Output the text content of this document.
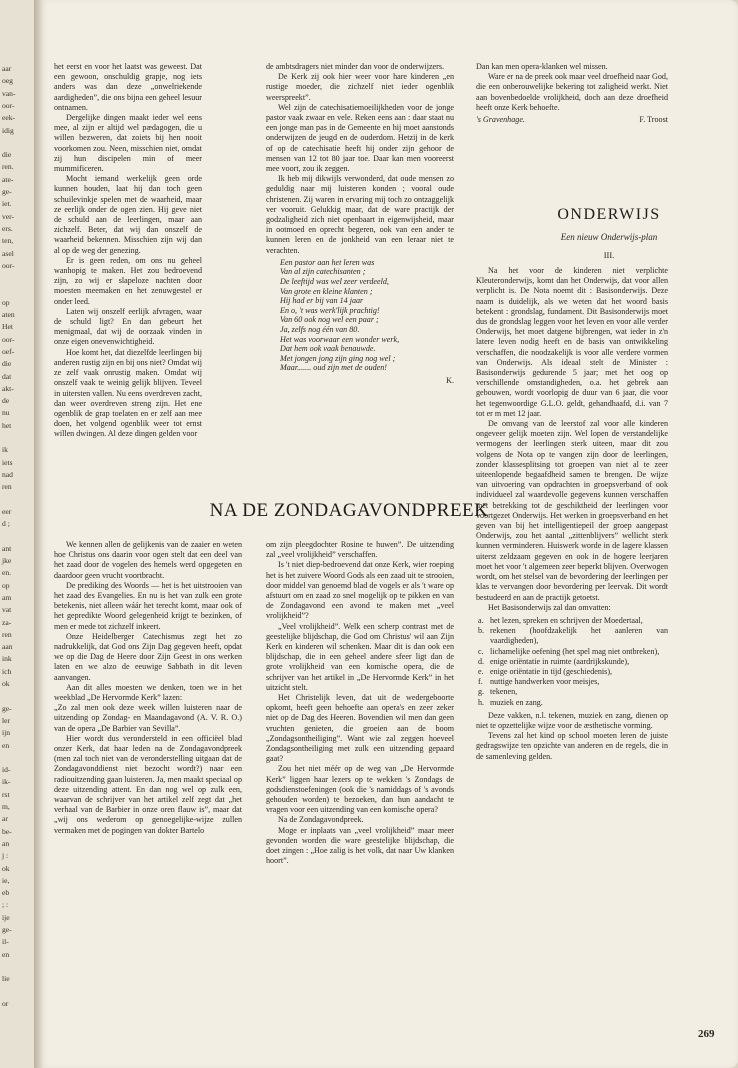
aar
oeg
van-
oor-
eek-
idig
die
ren.
ate-
ge-
iet.
ver-
ers.
ten,
asel
oor-
op
aten
Het
oor-
oef-
die
dat
akt-
de
nu
het
ik
iets
nad
ren
eer
d ;
ant
jke
en.
op
am
vat
za-
ren
aan
ink
ich
ok
ge-
ler
ijn
en
id-
ik-
rst
m,
ar
be-
an
j :
ok
ie,
eb
; :
ije
ge-
il-
en
lie
or

het eerst en voor het laatst was geweest. Dat een gewoon, onschuldig grapje, nog iets anders was dan deze „onwelriekende aardigheden”, die ons bijna een geheel lesuur ontnamen.

Dergelijke dingen maakt ieder wel eens mee, al zijn er altijd wel pædagogen, die u willen bezweren, dat zoiets bij hen nooit voorkomen zou. Neen, misschien niet, omdat zij hun discipelen min of meer mummificeren.

Mocht iemand werkelijk geen orde kunnen houden, laat hij dan toch geen schuilevinkje spelen met de waarheid, maar ze eerlijk onder de ogen zien. Hij geve niet de schuld aan de leerlingen, maar aan zichzelf. Beter, dat wij dan onszelf de waarheid bekennen. Misschien zijn wij dan al op de weg der genezing.

Er is geen reden, om ons nu geheel wanhopig te maken. Het zou bedroevend zijn, zo wij er slapeloze nachten door moesten meemaken en het zenuwgestel er onder leed.

Laten wij onszelf eerlijk afvragen, waar de schuld ligt? En dan gebeurt het menigmaal, dat wij de oorzaak vinden in onze eigen onevenwichtigheid.

Hoe komt het, dat diezelfde leerlingen bij anderen rustig zijn en bij ons niet? Omdat wij ze zelf vaak onrustig maken. Omdat wij onszelf vaak te weinig gelijk blijven. Teveel in uitersten vallen. Nu eens overdreven zacht, dan weer overdreven streng zijn. Het ene ogenblik de grap toelaten en er zelf aan mee doen, het volgend ogenblik weer tot ernst willen dwingen. Al deze dingen gelden voor

de ambtsdragers niet minder dan voor de onderwijzers.

De Kerk zij ook hier weer voor hare kinderen „en rustige moeder, die zichzelf niet ieder ogenblik weerspreekt”.

Wel zijn de catechisatiemoeilijkheden voor de jonge pastor vaak zwaar en vele. Reken eens aan : daar staat nu een jonge man pas in de Gemeente en hij moet aanstonds onderwijzen de jeugd en de ouderdom. Hetzij in de kerk of op de catechisatie heeft hij onder zijn gehoor de mensen van 12 tot 80 jaar toe. Daar kan men vooreerst mee voort, zou ik zeggen.

Ik heb mij dikwijls verwonderd, dat oude mensen zo geduldig naar mij luisteren konden ; vooral oude christenen. Zij waren in ervaring mij toch zo ontzaggelijk ver vooruit. Gelukkig maar, dat de ware practijk der godzaligheid zich niet openbaart in eigenwijsheid, maar in ootmoed en oprecht begeren, ook van een ander te kunnen leren en de jonkheid van een leraar niet te verachten.

Een pastor aan het leren was
Van al zijn catechisanten ;
De leeftijd was wel zeer verdeeld,
Van grote en kleine klanten ;
Hij had er bij van 14 jaar
En o, 't was werk'lijk prachtig!
Van 60 ook nog wel een paar ;
Ja, zelfs nog één van 80.
Het was voorwaar een wonder werk,
Dat hem ook vaak benauwde.
Met jongen jong zijn ging nog wel ;
Maar....... oud zijn met de ouden!
K.

Dan kan men opera-klanken wel missen.

Ware er na de preek ook maar veel droefheid naar God, die een onberouwelijke bekering tot zaligheid werkt. Niet aan bovenbedoelde vrolijkheid, doch aan deze droefheid heeft onze Kerk behoefte.

's Gravenhage.	F. Troost
ONDERWIJS
Een nieuw Onderwijs-plan
III.

Na het voor de kinderen niet verplichte Kleuteronderwijs, komt dan het Onderwijs, dat voor allen verplicht is. De Nota noemt dit : Basisonderwijs. Deze naam is duidelijk, als we weten dat het woord basis betekent : grondslag, fundament. Dit Basisonderwijs moet dus de grondslag leggen voor het leven en voor alle verder Onderwijs, het moet datgene bijbrengen, wat ieder in z'n latere leven nodig heeft en de basis van ontwikkeling verschaffen, die noodzakelijk is voor alle verdere vormen van Onderwijs. Als ideaal stelt de Minister : Basisonderwijs gedurende 5 jaar; met het oog op verschillende omstandigheden, o.a. het gebrek aan gebouwen, wordt voorlopig de duur van 6 jaar, die voor het tegenwoordige G.L.O. geldt, gehandhaafd, d.i. van 7 tot er m met 12 jaar.

De omvang van de leerstof zal voor alle kinderen ongeveer gelijk moeten zijn. Wel lopen de verstandelijke vermogens der leerlingen sterk uiteen, maar dit zou volgens de Nota op te vangen zijn door de leerlingen, zonder klassesplitsing tot groepen van niet al te zeer uiteenlopende begaafdheid samen te brengen. De wijze van uitvoering van opdrachten in groepsverband of ook individueel zal waardevolle gegevens kunnen verschaffen met betrekking tot de geschiktheid der leerlingen voor voortgezet Onderwijs. Het werken in groepsverband en het geven van bij het intelligentiepeil der groep aangepast Onderwijs, zou het aantal „zittenblijvers” wellicht sterk kunnen verminderen. Huiswerk worde in de lagere klassen uiterst zeldzaam gegeven en ook in de hogere leerjaren moet het voor 't algemeen zeer beperkt blijven. Overwogen wordt, om het stelsel van de bevordering der leerlingen per klas te vervangen door bevordering per leervak. Dit wordt bestudeerd en aan de practijk getoetst.

Het Basisonderwijs zal dan omvatten:

a. het lezen, spreken en schrijven der Moedertaal,
b. rekenen (hoofdzakelijk het aanleren van vaardigheden),
c. lichamelijke oefening (het spel mag niet ontbreken),
d. enige oriëntatie in ruimte (aardrijkskunde),
e. enige oriëntatie in tijd (geschiedenis),
f. nuttige handwerken voor meisjes,
g. tekenen,
h. muziek en zang.

Deze vakken, n.l. tekenen, muziek en zang, dienen op niet te opzettelijke wijze voor de æsthetische vorming.

Tevens zal het kind op school moeten leren de juiste gedragswijze ten opzichte van anderen en de regels, die in de samenleving gelden.

NA DE ZONDAGAVONDPREEK

We kennen allen de gelijkenis van de zaaier en weten hoe Christus ons daarin voor ogen stelt dat een deel van het zaad door de vogelen des hemels werd opgegeten en daardoor geen vrucht voortbracht.

De prediking des Woords — het is het uitstrooien van het zaad des Evangelies. En nu is het van zulk een grote betekenis, niet alleen wáár het terecht komt, maar ook of het gepredikte Woord gelegenheid krijgt te bezinken, of men er mede tot zichzelf inkeert.

Onze Heidelberger Catechismus zegt het zo nadrukkelijk, dat God ons Zijn Dag gegeven heeft, opdat we op die Dag de Heere door Zijn Geest in ons werken laten en we alzo de eeuwige Sabbath in dit leven aanvangen.

Aan dit alles moesten we denken, toen we in het weekblad „De Hervormde Kerk” lazen:

„Zo zal men ook deze week willen luisteren naar de uitzending op Zondag- en Maandagavond (A. V. R. O.) van de opera „De Barbier van Sevilla”.

Hier wordt dus verondersteld in een officiëel blad onzer Kerk, dat haar leden na de Zondagavondpreek (men zal toch niet van de veronderstelling uitgaan dat de Zondagavonddienst niet bezocht wordt?) naar een radiouitzending gaan luisteren. Ja, men maakt speciaal op deze uitzending attent. En dan nog wel op zulk een, waarvan de schrijver van het artikel zelf zegt dat „het verhaal van de Barbier in onze oren flauw is”, maar dat „wij ons wederom op genoegelijke-wijze zullen vermaken met de pogingen van dokter Bartelo

om zijn pleegdochter Rosine te huwen”. De uitzending zal „veel vrolijkheid” verschaffen.

Is 't niet diep-bedroevend dat onze Kerk, wier roeping het is het zuivere Woord Gods als een zaad uit te strooien, door middel van genoemd blad de vogels er als 't ware op afstuurt om en zaad zo snel mogelijk op te pikken en van de Zondagavond een avond te maken met „veel vrolijkheid”?

„Veel vrolijkheid”. Welk een scherp contrast met de geestelijke blijdschap, die God om Christus' wil aan Zijn Kerk en kinderen wil schenken. Maar dit is dan ook een blijdschap, die in een geheel andere sfeer ligt dan de grote vrolijkheid van een komische opera, die de schrijver van het artikel in „De Hervormde Kerk” in het uitzicht stelt.

Het Christelijk leven, dat uit de wedergeboorte opkomt, heeft geen behoefte aan opera's en zeer zeker niet op de Dag des Heeren. Bovendien wil men dan geen vruchten genieten, die groeien aan de boom „Zondagsontheiliging”. Want wie zal zeggen hoeveel Zondagsontheiliging met zulk een uitzending gepaard gaat?

Zou het niet méér op de weg van „De Hervormde Kerk” liggen haar lezers op te wekken 's Zondags de godsdienstoefeningen (ook die 's namiddags of 's avonds gehouden worden) te bezoeken, dan hun aandacht te vragen voor een uitzending van een komische opera?

Na de Zondagavondpreek.

Moge er inplaats van „veel vrolijkheid” maar meer gevonden worden die ware geestelijke blijdschap, die doet zingen : „Hoe zalig is het volk, dat naar Uw klanken hoort”.

269
